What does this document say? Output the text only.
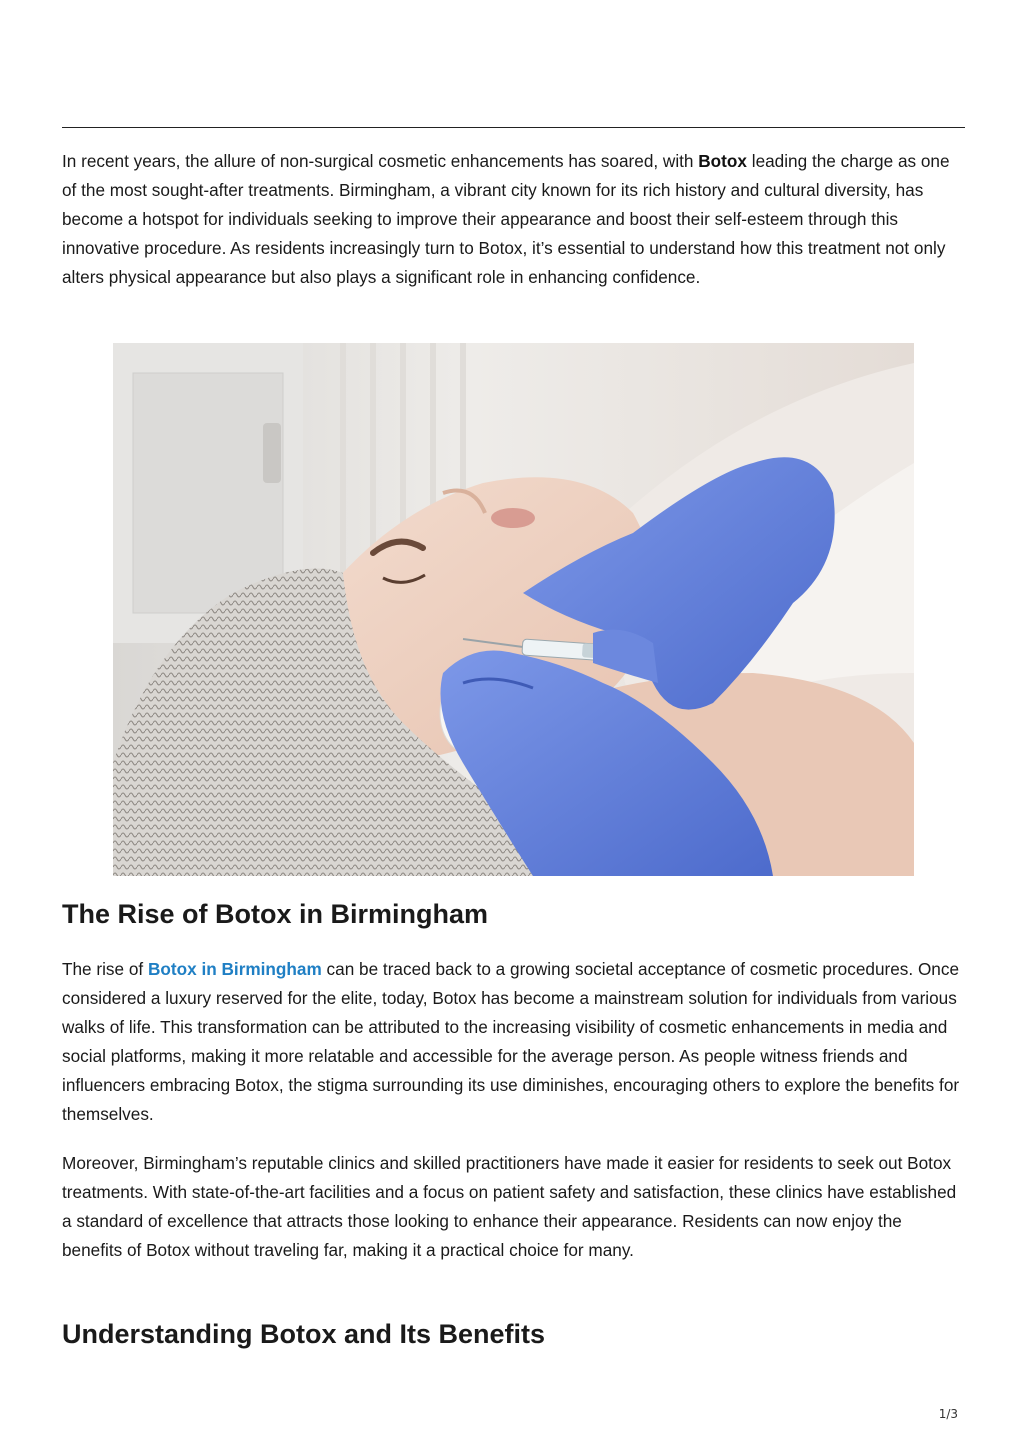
In recent years, the allure of non-surgical cosmetic enhancements has soared, with Botox leading the charge as one of the most sought-after treatments. Birmingham, a vibrant city known for its rich history and cultural diversity, has become a hotspot for individuals seeking to improve their appearance and boost their self-esteem through this innovative procedure. As residents increasingly turn to Botox, it’s essential to understand how this treatment not only alters physical appearance but also plays a significant role in enhancing confidence.

The Rise of Botox in Birmingham

The rise of Botox in Birmingham can be traced back to a growing societal acceptance of cosmetic procedures. Once considered a luxury reserved for the elite, today, Botox has become a mainstream solution for individuals from various walks of life. This transformation can be attributed to the increasing visibility of cosmetic enhancements in media and social platforms, making it more relatable and accessible for the average person. As people witness friends and influencers embracing Botox, the stigma surrounding its use diminishes, encouraging others to explore the benefits for themselves.

Moreover, Birmingham’s reputable clinics and skilled practitioners have made it easier for residents to seek out Botox treatments. With state-of-the-art facilities and a focus on patient safety and satisfaction, these clinics have established a standard of excellence that attracts those looking to enhance their appearance. Residents can now enjoy the benefits of Botox without traveling far, making it a practical choice for many.

Understanding Botox and Its Benefits
1/3
